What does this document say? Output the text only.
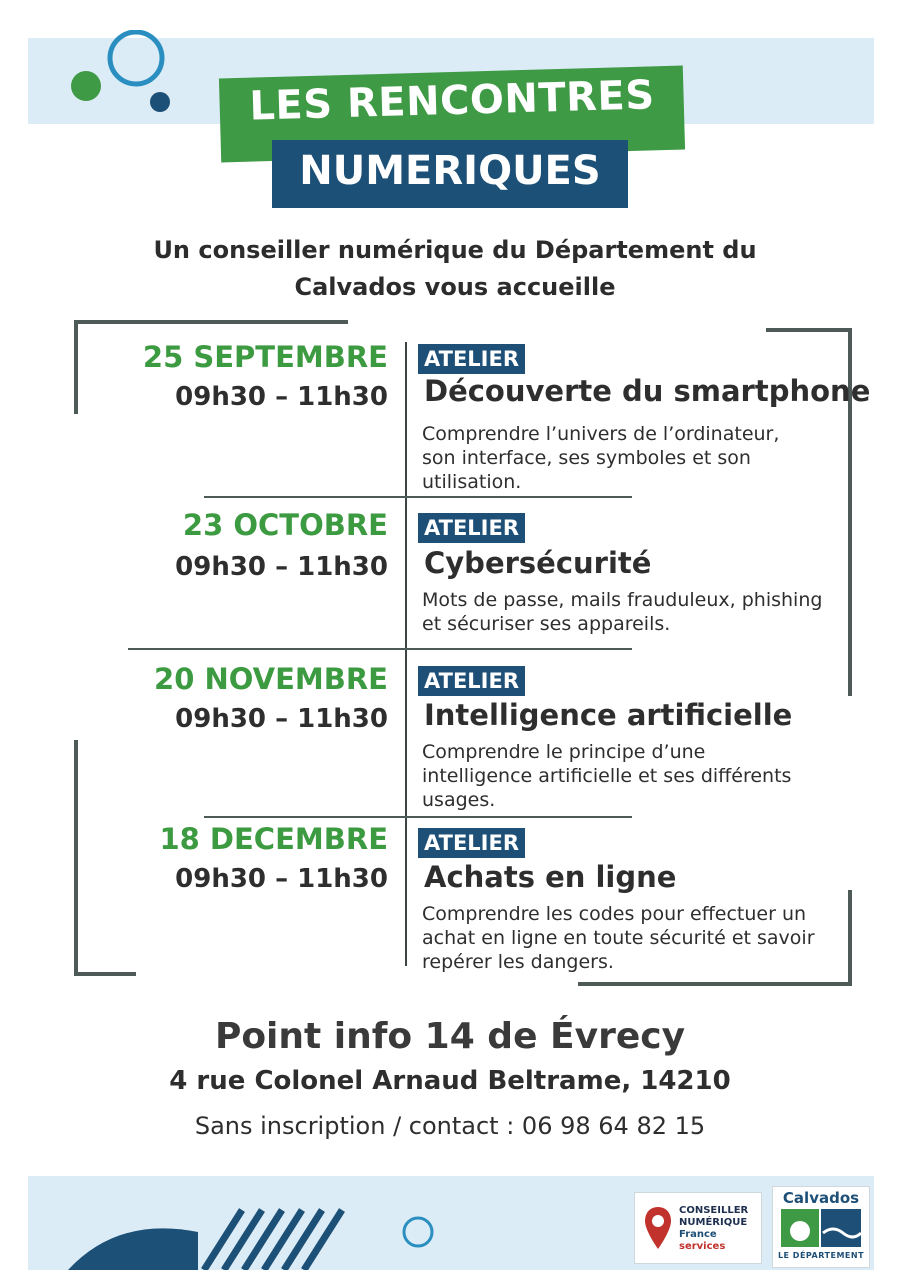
LES RENCONTRES
NUMERIQUES
Un conseiller numérique du Département du
Calvados vous accueille
25 SEPTEMBRE
09h30 – 11h30
ATELIER
Découverte du smartphone
Comprendre l’univers de l’ordinateur,
son interface, ses symboles et son
utilisation.
23 OCTOBRE
09h30 – 11h30
ATELIER
Cybersécurité
Mots de passe, mails frauduleux, phishing
et sécuriser ses appareils.
20 NOVEMBRE
09h30 – 11h30
ATELIER
Intelligence artificielle
Comprendre le principe d’une
intelligence artificielle et ses différents
usages.
18 DECEMBRE
09h30 – 11h30
ATELIER
Achats en ligne
Comprendre les codes pour effectuer un
achat en ligne en toute sécurité et savoir
repérer les dangers.
Point info 14 de Évrecy
4 rue Colonel Arnaud Beltrame, 14210
Sans inscription / contact : 06 98 64 82 15
CONSEILLER
NUMÉRIQUE
France
services
Calvados
LE DÉPARTEMENT
